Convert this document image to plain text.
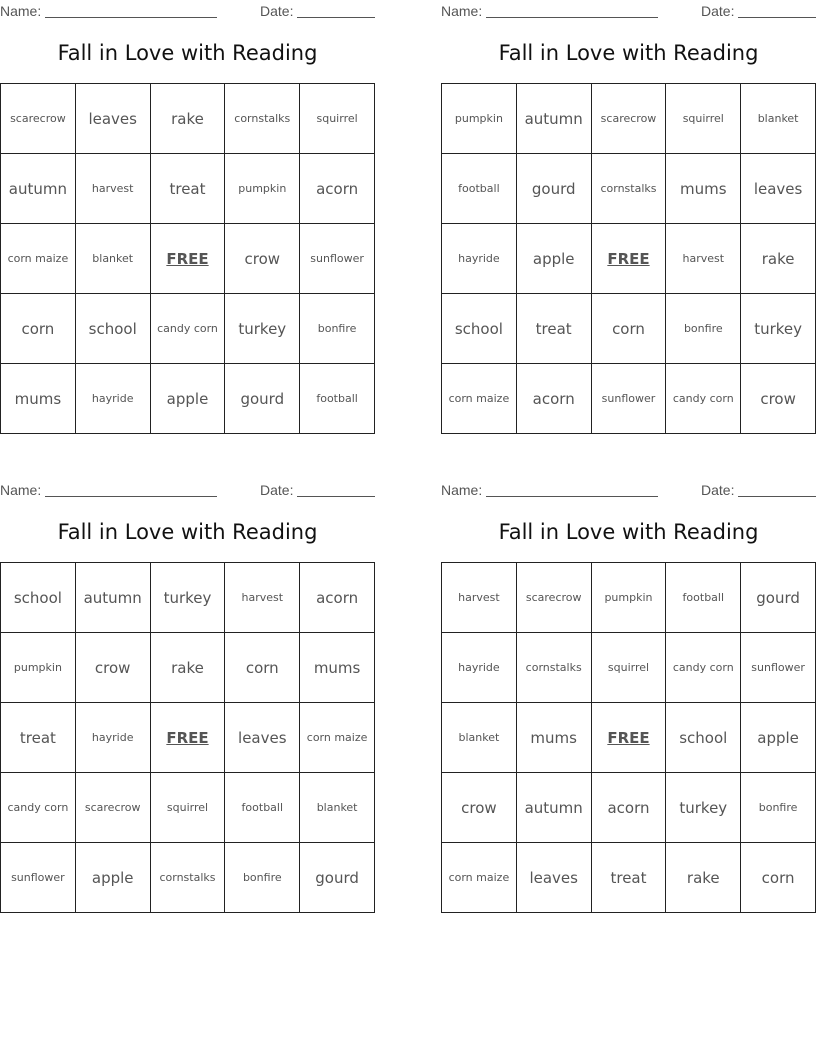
Name:	Date:
Fall in Love with Reading
scarecrow	leaves	rake	cornstalks	squirrel
autumn	harvest	treat	pumpkin	acorn
corn maize	blanket	FREE	crow	sunflower
corn	school	candy corn	turkey	bonfire
mums	hayride	apple	gourd	football
Name:	Date:
Fall in Love with Reading
pumpkin	autumn	scarecrow	squirrel	blanket
football	gourd	cornstalks	mums	leaves
hayride	apple	FREE	harvest	rake
school	treat	corn	bonfire	turkey
corn maize	acorn	sunflower	candy corn	crow
Name:	Date:
Fall in Love with Reading
school	autumn	turkey	harvest	acorn
pumpkin	crow	rake	corn	mums
treat	hayride	FREE	leaves	corn maize
candy corn	scarecrow	squirrel	football	blanket
sunflower	apple	cornstalks	bonfire	gourd
Name:	Date:
Fall in Love with Reading
harvest	scarecrow	pumpkin	football	gourd
hayride	cornstalks	squirrel	candy corn	sunflower
blanket	mums	FREE	school	apple
crow	autumn	acorn	turkey	bonfire
corn maize	leaves	treat	rake	corn
